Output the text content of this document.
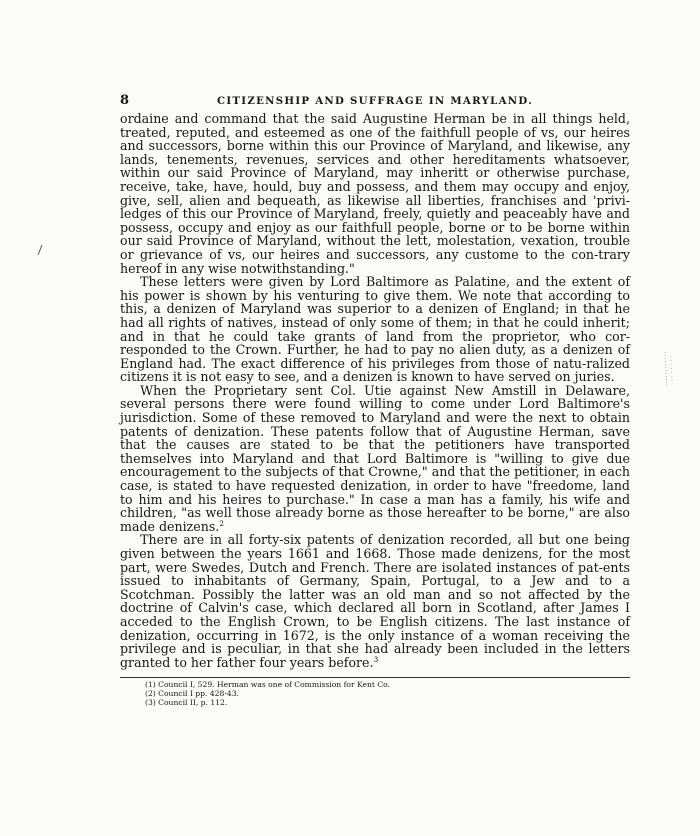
8	CITIZENSHIP AND SUFFRAGE IN MARYLAND.

ordaine and command that the said Augustine Herman be in all things held, treated, reputed, and esteemed as one of the faithfull people of vs, our heires and successors, borne within this our Province of Maryland, and likewise, any lands, tenements, revenues, services and other hereditaments whatsoever, within our said Province of Maryland, may inheritt or otherwise purchase, receive, take, have, hould, buy and possess, and them may occupy and enjoy, give, sell, alien and bequeath, as likewise all liberties, franchises and 'privi-ledges of this our Province of Maryland, freely, quietly and peaceably have and possess, occupy and enjoy as our faithfull people, borne or to be borne within our said Province of Maryland, without the lett, molestation, vexation, trouble or grievance of vs, our heires and successors, any custome to the con-trary hereof in any wise notwithstanding."

These letters were given by Lord Baltimore as Palatine, and the extent of his power is shown by his venturing to give them. We note that according to this, a denizen of Maryland was superior to a denizen of England; in that he had all rights of natives, instead of only some of them; in that he could inherit; and in that he could take grants of land from the proprietor, who cor-responded to the Crown. Further, he had to pay no alien duty, as a denizen of England had. The exact difference of his privileges from those of natu-ralized citizens it is not easy to see, and a denizen is known to have served on juries.

When the Proprietary sent Col. Utie against New Amstill in Delaware, several persons there were found willing to come under Lord Baltimore's jurisdiction. Some of these removed to Maryland and were the next to obtain patents of denization. These patents follow that of Augustine Herman, save that the causes are stated to be that the petitioners have transported themselves into Maryland and that Lord Baltimore is "willing to give due encouragement to the subjects of that Crowne," and that the petitioner, in each case, is stated to have requested denization, in order to have "freedome, land to him and his heires to purchase." In case a man has a family, his wife and children, "as well those already borne as those hereafter to be borne," are also made denizens.$^2$

There are in all forty-six patents of denization recorded, all but one being given between the years 1661 and 1668. Those made denizens, for the most part, were Swedes, Dutch and French. There are isolated instances of pat-ents issued to inhabitants of Germany, Spain, Portugal, to a Jew and to a Scotchman. Possibly the latter was an old man and so not affected by the doctrine of Calvin's case, which declared all born in Scotland, after James I acceded to the English Crown, to be English citizens. The last instance of denization, occurring in 1672, is the only instance of a woman receiving the privilege and is peculiar, in that she had already been included in the letters granted to her father four years before.$^3$

(1) Council I, 529. Herman was one of Commission for Kent Co.
(2) Council I pp. 428-43.
(3) Council II, p. 112.
